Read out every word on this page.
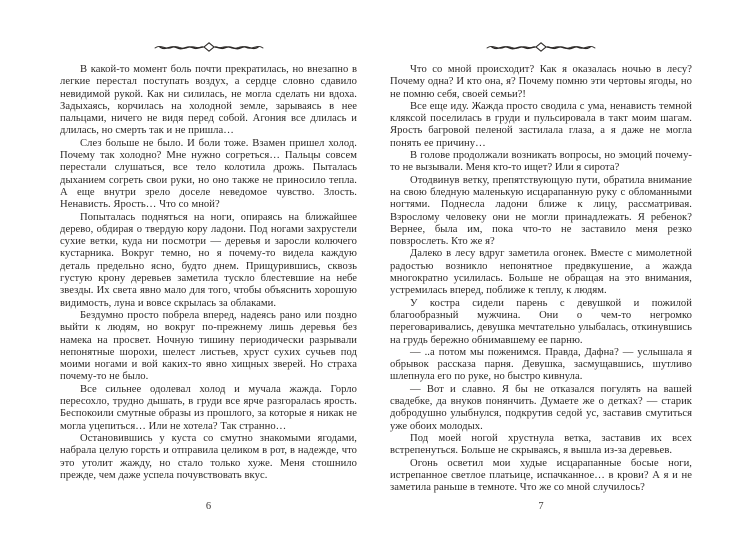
В какой-то момент боль почти прекратилась, но внезапно в легкие перестал поступать воздух, а сердце словно сдавило невидимой рукой. Как ни силилась, не могла сделать ни вдоха. Задыхаясь, корчилась на холодной земле, зарываясь в нее пальцами, ничего не видя перед собой. Агония все длилась и длилась, но смерть так и не пришла…

Слез больше не было. И боли тоже. Взамен пришел холод. Почему так холодно? Мне нужно согреться… Пальцы совсем перестали слушаться, все тело колотила дрожь. Пыталась дыханием согреть свои руки, но оно также не приносило тепла. А еще внутри зрело доселе неведомое чувство. Злость. Ненависть. Ярость… Что со мной?

Попыталась подняться на ноги, опираясь на ближайшее дерево, обдирая о твердую кору ладони. Под ногами захрустели сухие ветки, куда ни посмотри — деревья и заросли колючего кустарника. Вокруг темно, но я почему-то видела каждую деталь предельно ясно, будто днем. Прищурившись, сквозь густую крону деревьев заметила тускло блестевшие на небе звезды. Их света явно мало для того, чтобы объяснить хорошую видимость, луна и вовсе скрылась за облаками.

Бездумно просто побрела вперед, надеясь рано или поздно выйти к людям, но вокруг по-прежнему лишь деревья без намека на просвет. Ночную тишину периодически разрывали непонятные шорохи, шелест листьев, хруст сухих сучьев под моими ногами и вой каких-то явно хищных зверей. Но страха почему-то не было.

Все сильнее одолевал холод и мучала жажда. Горло пересохло, трудно дышать, в груди все ярче разгоралась ярость. Беспокоили смутные образы из прошлого, за которые я никак не могла уцепиться… Или не хотела? Так странно…

Остановившись у куста со смутно знакомыми ягодами, набрала целую горсть и отправила целиком в рот, в надежде, что это утолит жажду, но стало только хуже. Меня стошнило прежде, чем даже успела почувствовать вкус.

6

Что со мной происходит? Как я оказалась ночью в лесу? Почему одна? И кто она, я? Почему помню эти чертовы ягоды, но не помню себя, своей семьи?!

Все еще иду. Жажда просто сводила с ума, ненависть темной кляксой поселилась в груди и пульсировала в такт моим шагам. Ярость багровой пеленой застилала глаза, а я даже не могла понять ее причину…

В голове продолжали возникать вопросы, но эмоций почему-то не вызывали. Меня кто-то ищет? Или я сирота?

Отодвинув ветку, препятствующую пути, обратила внимание на свою бледную маленькую исцарапанную руку с обломанными ногтями. Поднесла ладони ближе к лицу, рассматривая. Взрослому человеку они не могли принадлежать. Я ребенок? Вернее, была им, пока что-то не заставило меня резко повзрослеть. Кто же я?

Далеко в лесу вдруг заметила огонек. Вместе с мимолетной радостью возникло непонятное предвкушение, а жажда многократно усилилась. Больше не обращая на это внимания, устремилась вперед, поближе к теплу, к людям.

У костра сидели парень с девушкой и пожилой благообразный мужчина. Они о чем-то негромко переговаривались, девушка мечтательно улыбалась, откинувшись на грудь бережно обнимавшему ее парню.

— ..а потом мы поженимся. Правда, Дафна? — услышала я обрывок рассказа парня. Девушка, засмущавшись, шутливо шлепнула его по руке, но быстро кивнула.

— Вот и славно. Я бы не отказался погулять на вашей свадебке, да внуков понянчить. Думаете же о детках? — старик добродушно улыбнулся, подкрутив седой ус, заставив смутиться уже обоих молодых.

Под моей ногой хрустнула ветка, заставив их всех встрепенуться. Больше не скрываясь, я вышла из-за деревьев.

Огонь осветил мои худые исцарапанные босые ноги, истрепанное светлое платьице, испачканное… в крови? А я и не заметила раньше в темноте. Что же со мной случилось?

7
